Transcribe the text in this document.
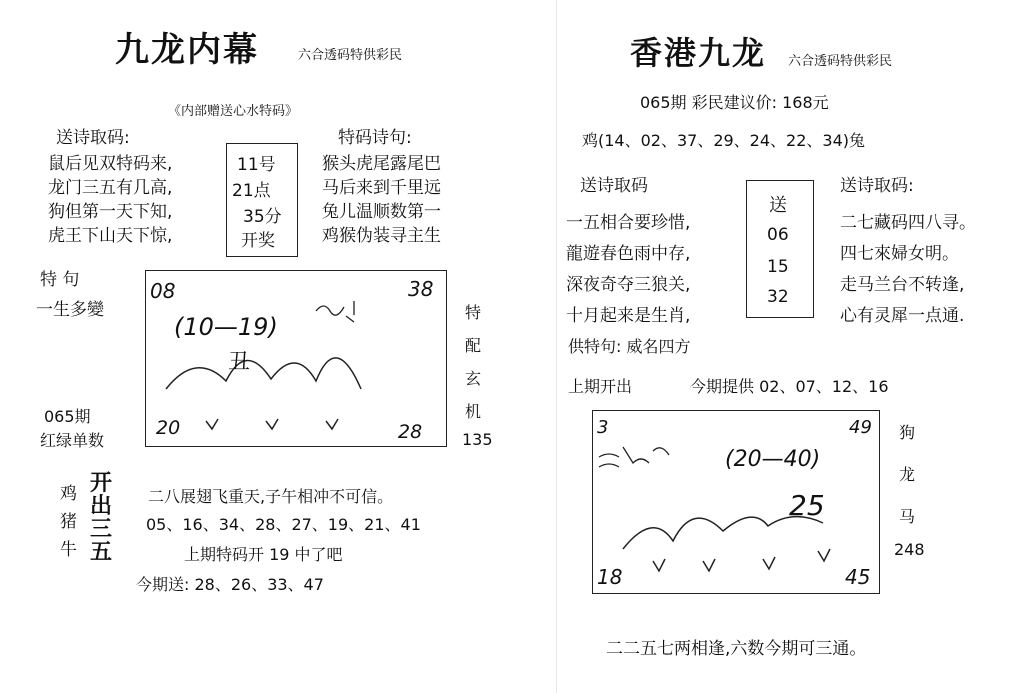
九龙内幕	六合透码特供彩民
《内部赠送心水特码》
送诗取码:
鼠后见双特码来,
龙门三五有几高,
狗但第一天下知,
虎王下山天下惊,
11号
21点
35分
开奖
特码诗句:
猴头虎尾露尾巴
马后来到千里远
兔儿温顺数第一
鸡猴伪装寻主生
特 句
一生多變
065期
红绿单数
08	38
(10—19)
丑
20	28
特
配
玄
机
135
鸡
猪
牛
开
出
三
五
二八展翅飞重天,子午相冲不可信。
05、16、34、28、27、19、21、41
上期特码开 19 中了吧
今期送: 28、26、33、47
香港九龙 六合透码特供彩民
065期 彩民建议价: 168元
鸡(14、02、37、29、24、22、34)兔
送诗取码
一五相合要珍惜,
龍遊春色雨中存,
深夜奇夺三狼关,
十月起来是生肖,
送
06
15
32
送诗取码:
二七藏码四八寻。
四七來婦女明。
走马兰台不转逢,
心有灵犀一点通.
供特句: 威名四方
上期开出	今期提供 02、07、12、16
3	49
(20—40)
25
18	45
狗
龙
马
248
二二五七两相逢,六数今期可三通。
